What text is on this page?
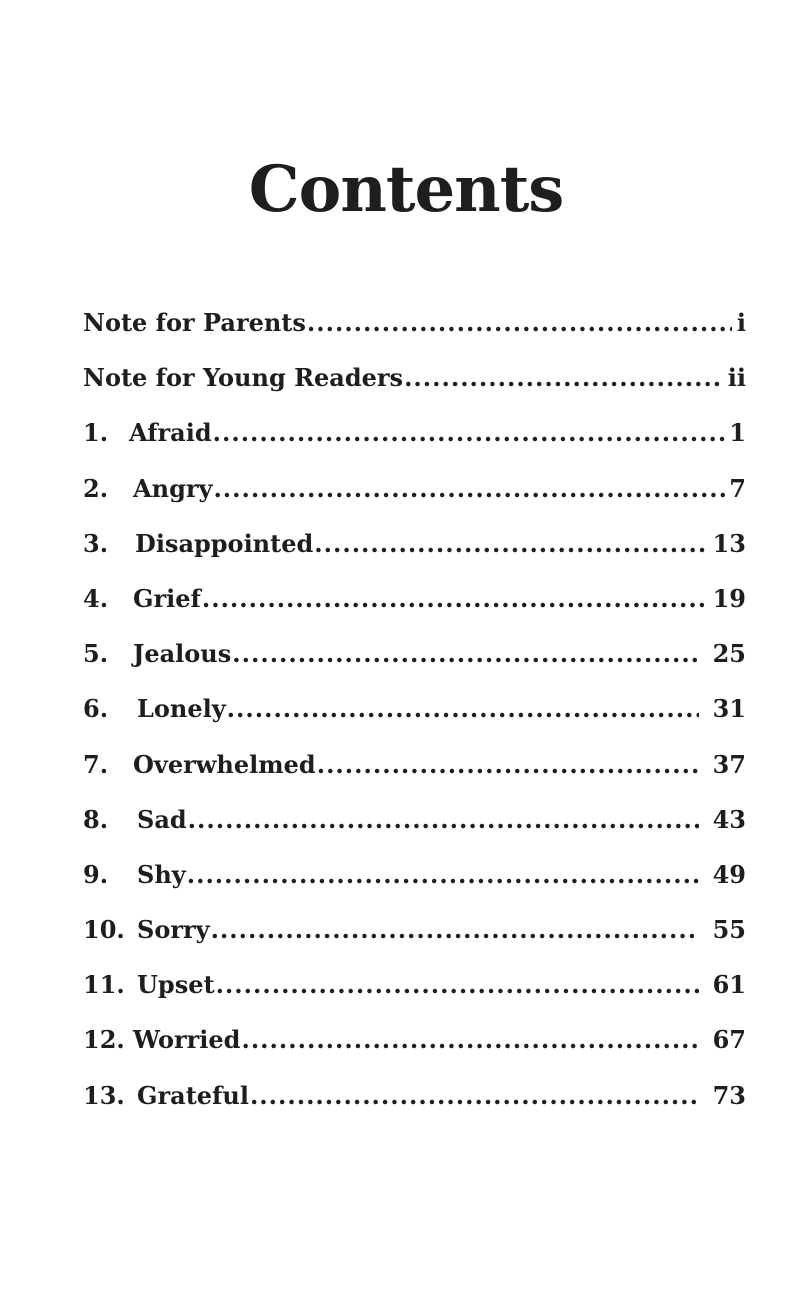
Contents
Note for Parents .....	i
Note for Young Readers .....	ii
1. Afraid .....	1
2.	Angry .....	7
3.	Disappointed .....	13
4.	Grief .....	19
5.	Jealous .....	25
6.	Lonely .....	31
7.	Overwhelmed .....	37
8.	Sad .....	43
9.	Shy .....	49
10. Sorry .....	55
11. Upset .....	61
12. Worried .....	67
13. Grateful .....	73
